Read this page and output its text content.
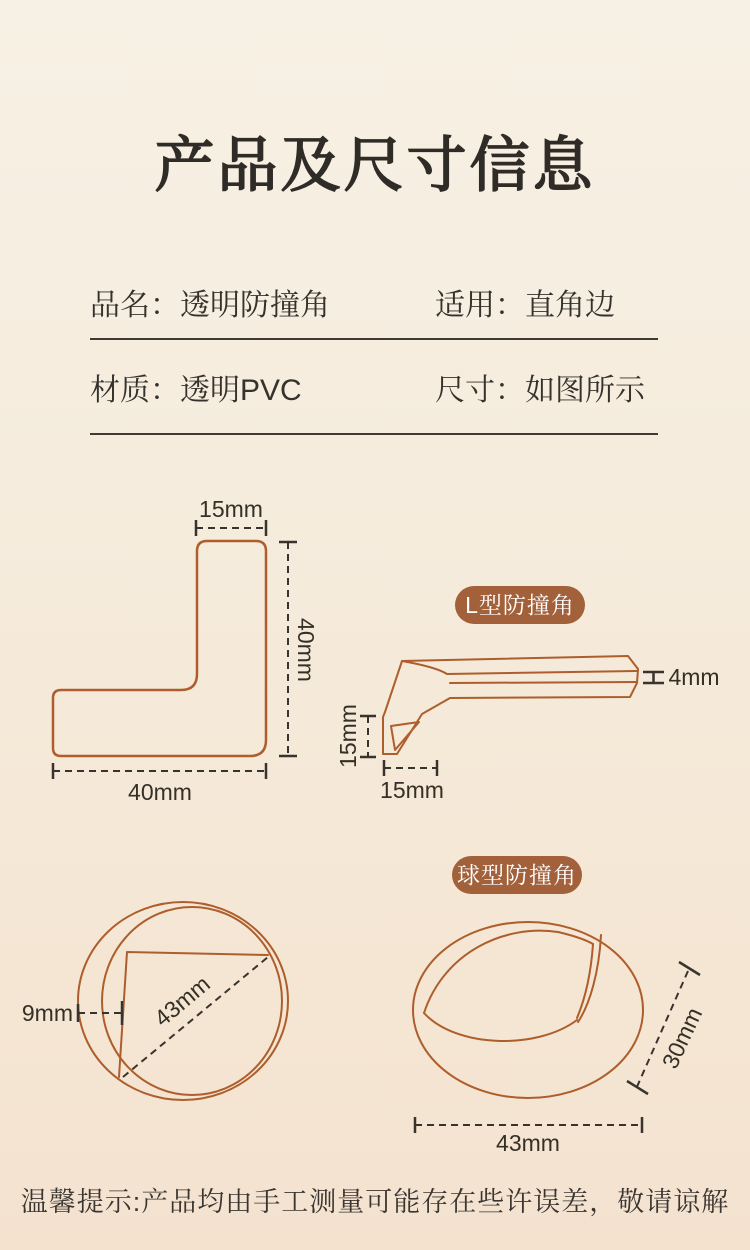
产品及尺寸信息
品名：透明防撞角	适用：直角边
材质：透明PVC	尺寸：如图所示
L型防撞角
球型防撞角
15mm
40mm
40mm
15mm
15mm
4mm
43mm
9mm	30mm
43mm
温馨提示:产品均由手工测量可能存在些许误差，敬请谅解
